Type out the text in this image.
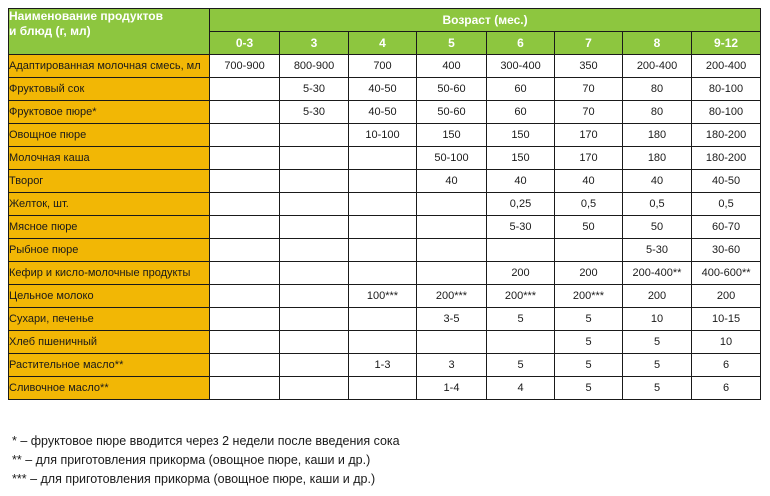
Наименование продуктов
и блюд (г, мл)	Возраст (мес.)							
	0-3	3	4	5	6	7	8	9-12
Адаптированная молочная смесь, мл	700-900	800-900	700	400	300-400	350	200-400	200-400
Фруктовый сок		5-30	40-50	50-60	60	70	80	80-100
Фруктовое пюре*		5-30	40-50	50-60	60	70	80	80-100
Овощное пюре			10-100	150	150	170	180	180-200
Молочная каша				50-100	150	170	180	180-200
Творог				40	40	40	40	40-50
Желток, шт.					0,25	0,5	0,5	0,5
Мясное пюре					5-30	50	50	60-70
Рыбное пюре							5-30	30-60
Кефир и кисло-молочные продукты					200	200	200-400**	400-600**
Цельное молоко			100***	200***	200***	200***	200	200
Сухари, печенье				3-5	5	5	10	10-15
Хлеб пшеничный						5	5	10
Растительное масло**			1-3	3	5	5	5	6
Сливочное масло**				1-4	4	5	5	6
* – фруктовое пюре вводится через 2 недели после введения сока
** – для приготовления прикорма (овощное пюре, каши и др.)
*** – для приготовления прикорма (овощное пюре, каши и др.)
